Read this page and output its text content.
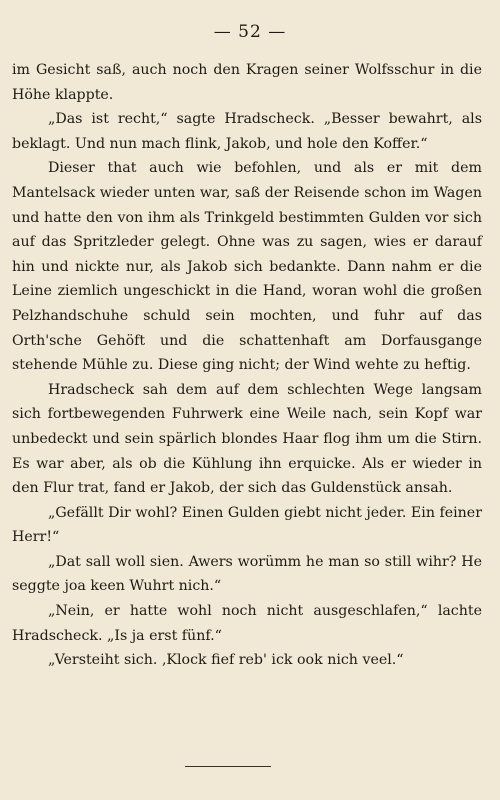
— 52 —

im Gesicht saß, auch noch den Kragen seiner Wolfsschur in die Höhe klappte.

„Das ist recht,“ sagte Hradscheck. „Besser bewahrt, als beklagt. Und nun mach flink, Jakob, und hole den Koffer.“

Dieser that auch wie befohlen, und als er mit dem Mantelsack wieder unten war, saß der Reisende schon im Wagen und hatte den von ihm als Trinkgeld bestimmten Gulden vor sich auf das Spritzleder gelegt. Ohne was zu sagen, wies er darauf hin und nickte nur, als Jakob sich bedankte. Dann nahm er die Leine ziemlich ungeschickt in die Hand, woran wohl die großen Pelzhandschuhe schuld sein mochten, und fuhr auf das Orth'sche Gehöft und die schattenhaft am Dorfausgange stehende Mühle zu. Diese ging nicht; der Wind wehte zu heftig.

Hradscheck sah dem auf dem schlechten Wege langsam sich fortbewegenden Fuhrwerk eine Weile nach, sein Kopf war unbedeckt und sein spärlich blondes Haar flog ihm um die Stirn. Es war aber, als ob die Kühlung ihn erquicke. Als er wieder in den Flur trat, fand er Jakob, der sich das Guldenstück ansah.

„Gefällt Dir wohl? Einen Gulden giebt nicht jeder. Ein feiner Herr!“

„Dat sall woll sien. Awers worümm he man so still wihr? He seggte joa keen Wuhrt nich.“

„Nein, er hatte wohl noch nicht ausgeschlafen,“ lachte Hradscheck. „Is ja erst fünf.“

„Versteiht sich. ‚Klock fief reb' ick ook nich veel.“
